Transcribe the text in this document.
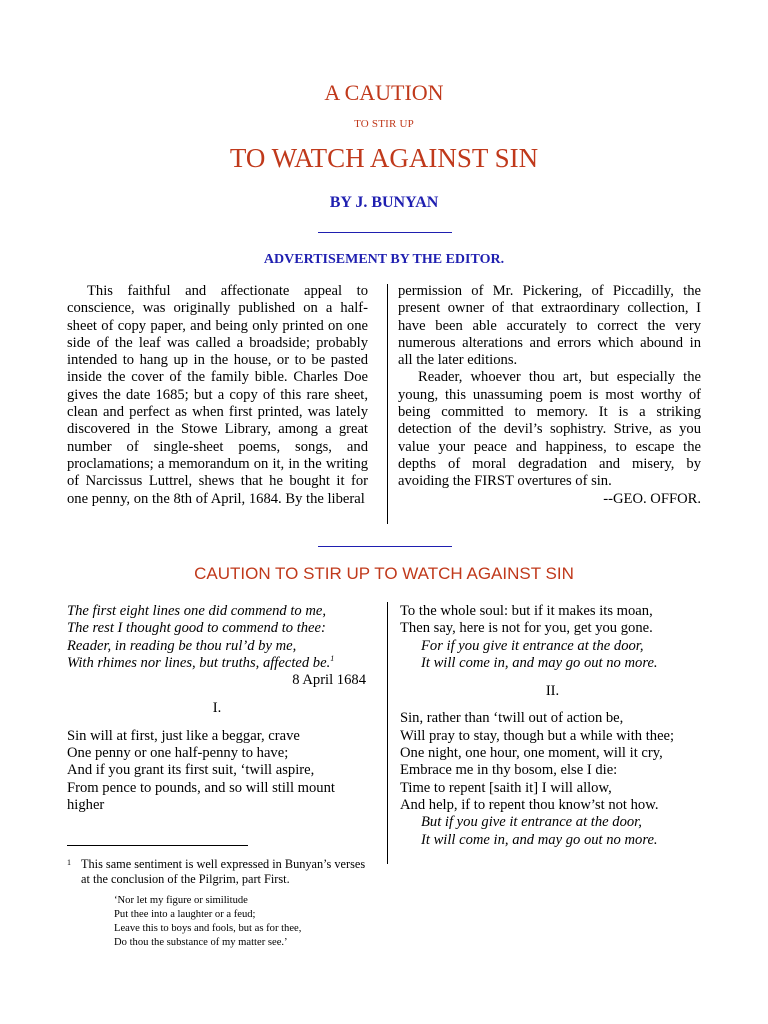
A CAUTION
TO STIR UP
TO WATCH AGAINST SIN
BY J. BUNYAN
ADVERTISEMENT BY THE EDITOR.

This faithful and affectionate appeal to conscience, was originally published on a half-sheet of copy paper, and being only printed on one side of the leaf was called a broadside; probably intended to hang up in the house, or to be pasted inside the cover of the family bible. Charles Doe gives the date 1685; but a copy of this rare sheet, clean and perfect as when first printed, was lately discovered in the Stowe Library, among a great number of single-sheet poems, songs, and proclamations; a memorandum on it, in the writing of Narcissus Luttrel, shews that he bought it for one penny, on the 8th of April, 1684. By the liberal

permission of Mr. Pickering, of Piccadilly, the present owner of that extraordinary collection, I have been able accurately to correct the very numerous alterations and errors which abound in all the later editions.

Reader, whoever thou art, but especially the young, this unassuming poem is most worthy of being committed to memory. It is a striking detection of the devil’s sophistry. Strive, as you value your peace and happiness, to escape the depths of moral degradation and misery, by avoiding the FIRST overtures of sin.

--GEO. OFFOR.

CAUTION TO STIR UP TO WATCH AGAINST SIN
The first eight lines one did commend to me,
The rest I thought good to commend to thee:
Reader, in reading be thou rul’d by me,
With rhimes nor lines, but truths, affected be.$^1$
8 April 1684
I.
Sin will at first, just like a beggar, crave
One penny or one half-penny to have;
And if you grant its first suit, ‘twill aspire,
From pence to pounds, and so will still mount
higher
To the whole soul: but if it makes its moan,
Then say, here is not for you, get you gone.
For if you give it entrance at the door,
It will come in, and may go out no more.
II.
Sin, rather than ‘twill out of action be,
Will pray to stay, though but a while with thee;
One night, one hour, one moment, will it cry,
Embrace me in thy bosom, else I die:
Time to repent [saith it] I will allow,
And help, if to repent thou know’st not how.
But if you give it entrance at the door,
It will come in, and may go out no more.
1 This same sentiment is well expressed in Bunyan’s verses at the conclusion of the Pilgrim, part First.
‘Nor let my figure or similitude
Put thee into a laughter or a feud;
Leave this to boys and fools, but as for thee,
Do thou the substance of my matter see.’
